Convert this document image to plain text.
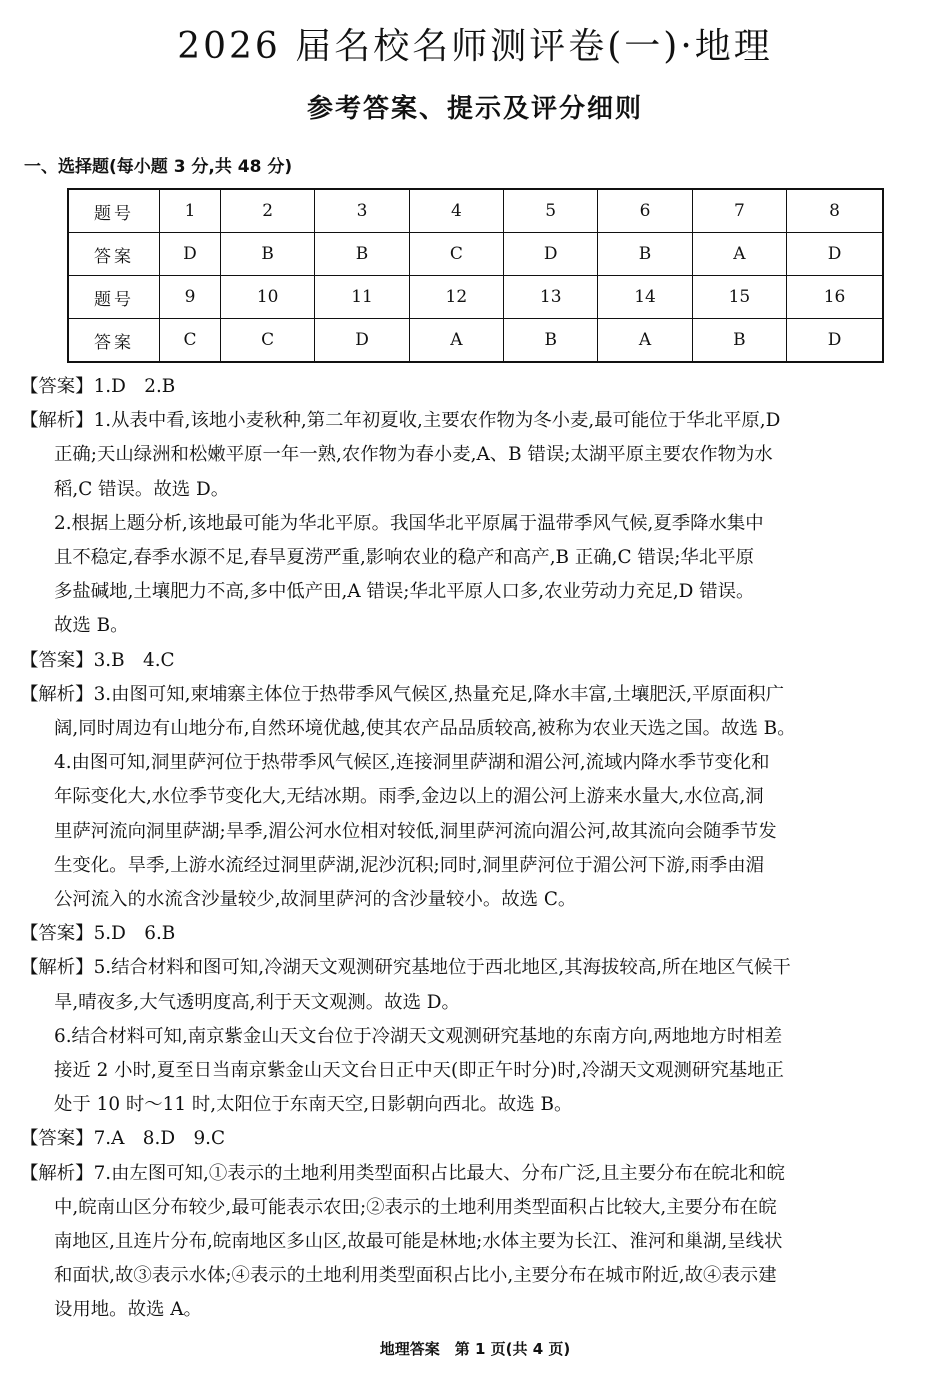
2026 届名校名师测评卷(一)·地理
参考答案、提示及评分细则
一、选择题(每小题 3 分,共 48 分)
题号	1	2	3	4	5	6	7	8
答案	D	B	B	C	D	B	A	D
题号	9	10	11	12	13	14	15	16
答案	C	C	D	A	B	A	B	D
【答案】1.D　2.B
【解析】1.从表中看,该地小麦秋种,第二年初夏收,主要农作物为冬小麦,最可能位于华北平原,D
正确;天山绿洲和松嫩平原一年一熟,农作物为春小麦,A、B 错误;太湖平原主要农作物为水
稻,C 错误。故选 D。
2.根据上题分析,该地最可能为华北平原。我国华北平原属于温带季风气候,夏季降水集中
且不稳定,春季水源不足,春旱夏涝严重,影响农业的稳产和高产,B 正确,C 错误;华北平原
多盐碱地,土壤肥力不高,多中低产田,A 错误;华北平原人口多,农业劳动力充足,D 错误。
故选 B。
【答案】3.B　4.C
【解析】3.由图可知,柬埔寨主体位于热带季风气候区,热量充足,降水丰富,土壤肥沃,平原面积广
阔,同时周边有山地分布,自然环境优越,使其农产品品质较高,被称为农业天选之国。故选 B。
4.由图可知,洞里萨河位于热带季风气候区,连接洞里萨湖和湄公河,流域内降水季节变化和
年际变化大,水位季节变化大,无结冰期。雨季,金边以上的湄公河上游来水量大,水位高,洞
里萨河流向洞里萨湖;旱季,湄公河水位相对较低,洞里萨河流向湄公河,故其流向会随季节发
生变化。旱季,上游水流经过洞里萨湖,泥沙沉积;同时,洞里萨河位于湄公河下游,雨季由湄
公河流入的水流含沙量较少,故洞里萨河的含沙量较小。故选 C。
【答案】5.D　6.B
【解析】5.结合材料和图可知,冷湖天文观测研究基地位于西北地区,其海拔较高,所在地区气候干
旱,晴夜多,大气透明度高,利于天文观测。故选 D。
6.结合材料可知,南京紫金山天文台位于冷湖天文观测研究基地的东南方向,两地地方时相差
接近 2 小时,夏至日当南京紫金山天文台日正中天(即正午时分)时,冷湖天文观测研究基地正
处于 10 时～11 时,太阳位于东南天空,日影朝向西北。故选 B。
【答案】7.A　8.D　9.C
【解析】7.由左图可知,①表示的土地利用类型面积占比最大、分布广泛,且主要分布在皖北和皖
中,皖南山区分布较少,最可能表示农田;②表示的土地利用类型面积占比较大,主要分布在皖
南地区,且连片分布,皖南地区多山区,故最可能是林地;水体主要为长江、淮河和巢湖,呈线状
和面状,故③表示水体;④表示的土地利用类型面积占比小,主要分布在城市附近,故④表示建
设用地。故选 A。
地理答案　第 1 页(共 4 页)
